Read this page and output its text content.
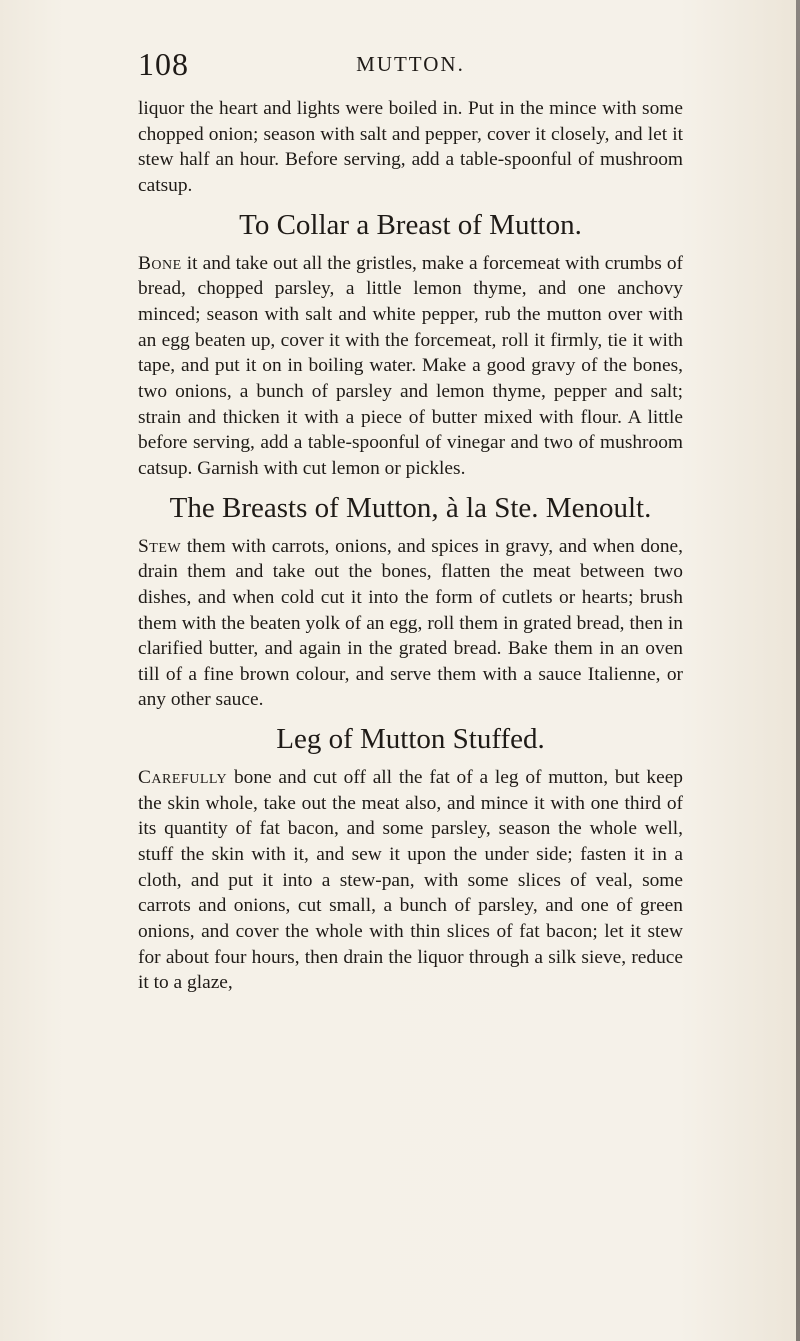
108	MUTTON.

liquor the heart and lights were boiled in. Put in the mince with some chopped onion; season with salt and pepper, cover it closely, and let it stew half an hour. Before serving, add a table-spoonful of mushroom catsup.

To Collar a Breast of Mutton.

Bone it and take out all the gristles, make a forcemeat with crumbs of bread, chopped parsley, a little lemon thyme, and one anchovy minced; season with salt and white pepper, rub the mutton over with an egg beaten up, cover it with the forcemeat, roll it firmly, tie it with tape, and put it on in boiling water. Make a good gravy of the bones, two onions, a bunch of parsley and lemon thyme, pepper and salt; strain and thicken it with a piece of butter mixed with flour. A little before serving, add a table-spoonful of vinegar and two of mushroom catsup. Garnish with cut lemon or pickles.

The Breasts of Mutton, à la Ste. Menoult.

Stew them with carrots, onions, and spices in gravy, and when done, drain them and take out the bones, flatten the meat between two dishes, and when cold cut it into the form of cutlets or hearts; brush them with the beaten yolk of an egg, roll them in grated bread, then in clarified butter, and again in the grated bread. Bake them in an oven till of a fine brown colour, and serve them with a sauce Italienne, or any other sauce.

Leg of Mutton Stuffed.

Carefully bone and cut off all the fat of a leg of mutton, but keep the skin whole, take out the meat also, and mince it with one third of its quantity of fat bacon, and some parsley, season the whole well, stuff the skin with it, and sew it upon the under side; fasten it in a cloth, and put it into a stew-pan, with some slices of veal, some carrots and onions, cut small, a bunch of parsley, and one of green onions, and cover the whole with thin slices of fat bacon; let it stew for about four hours, then drain the liquor through a silk sieve, reduce it to a glaze,
